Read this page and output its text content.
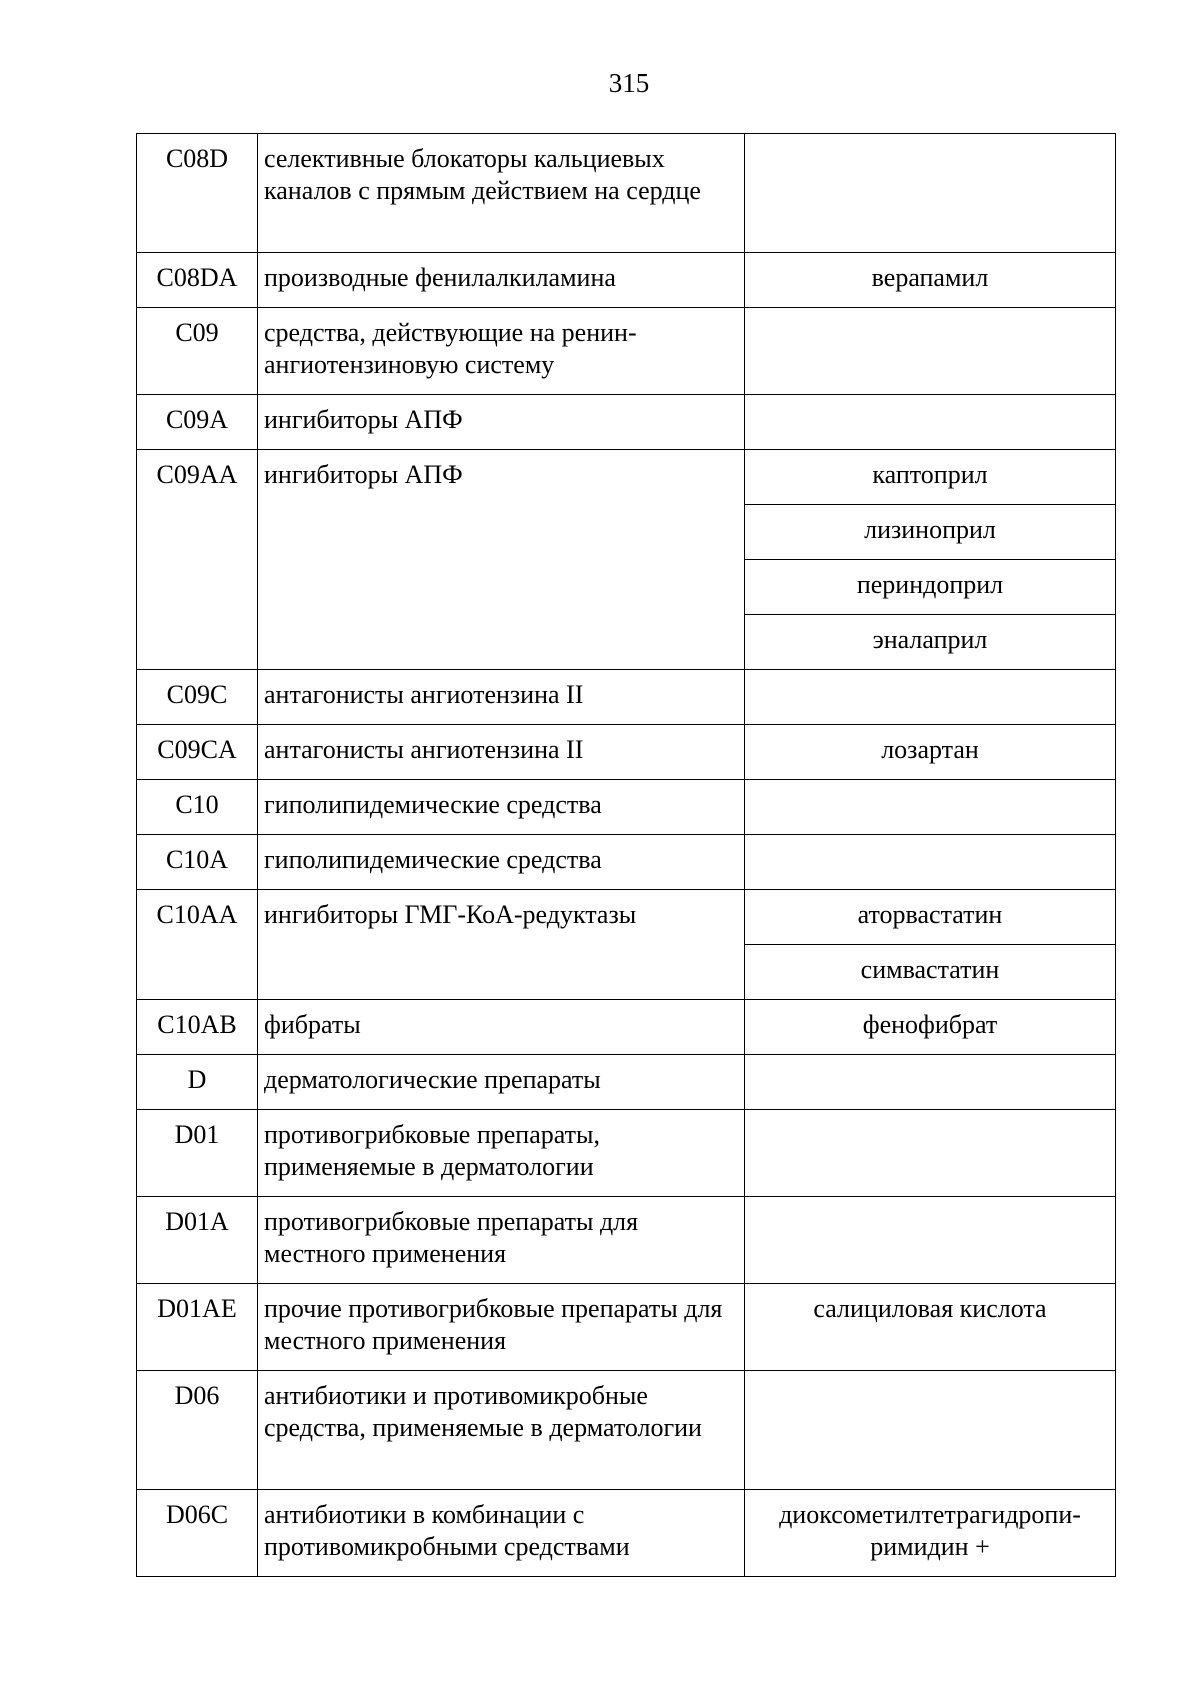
315
C08D	селективные блокаторы кальциевых каналов с прямым действием на сердце	
C08DA	производные фенилалкиламина	верапамил
C09	средства, действующие на ренин-ангиотензиновую систему	
C09A	ингибиторы АПФ	
C09AA	ингибиторы АПФ	каптоприл
		лизиноприл
		периндоприл
		эналаприл
C09C	антагонисты ангиотензина II	
C09CA	антагонисты ангиотензина II	лозартан
C10	гиполипидемические средства	
C10A	гиполипидемические средства	
C10AA	ингибиторы ГМГ-КоА-редуктазы	аторвастатин
		симвастатин
C10AB	фибраты	фенофибрат
D	дерматологические препараты	
D01	противогрибковые препараты, применяемые в дерматологии	
D01A	противогрибковые препараты для местного применения	
D01AE	прочие противогрибковые препараты для местного применения	салициловая кислота
D06	антибиотики и противомикробные средства, применяемые в дерматологии	
D06C	антибиотики в комбинации с противомикробными средствами	диоксометилтетрагидропи-римидин +
